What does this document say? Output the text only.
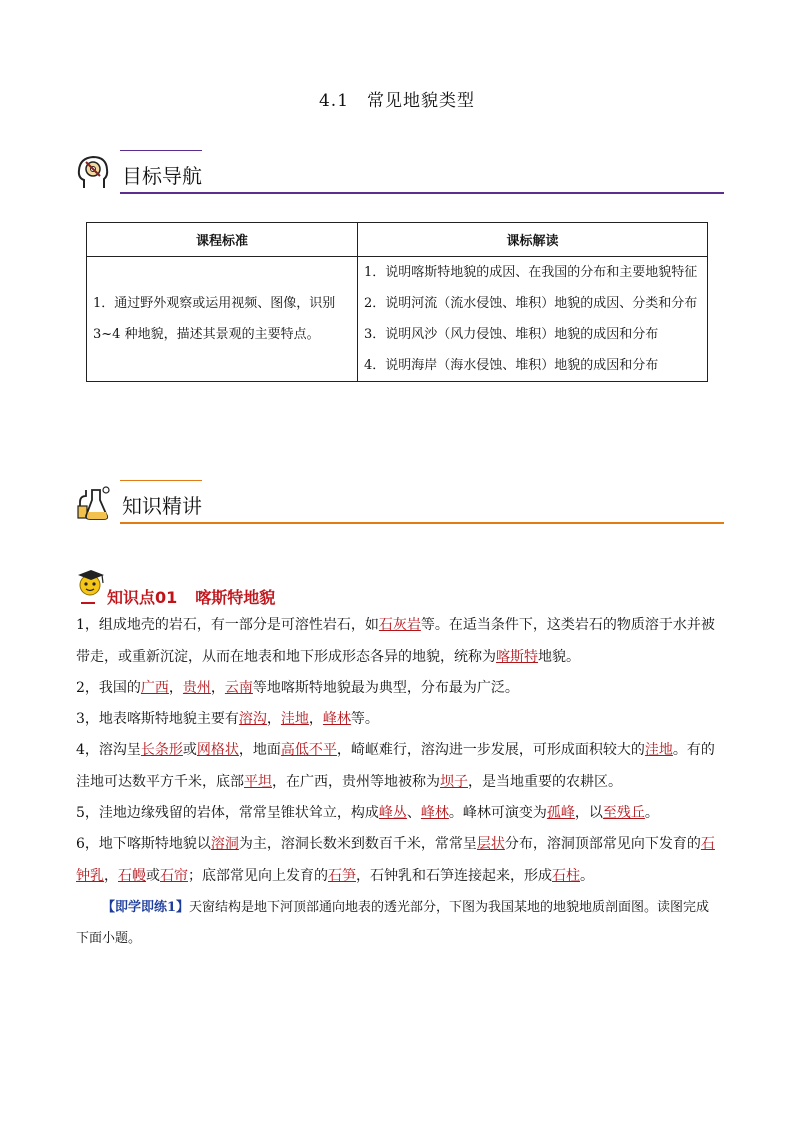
4.1 常见地貌类型
目标导航
课程标准	课标解读
1．通过野外观察或运用视频、图像，识别3~4 种地貌，描述其景观的主要特点。	1．说明喀斯特地貌的成因、在我国的分布和主要地貌特征
2．说明河流（流水侵蚀、堆积）地貌的成因、分类和分布
3．说明风沙（风力侵蚀、堆积）地貌的成因和分布
4．说明海岸（海水侵蚀、堆积）地貌的成因和分布
知识精讲
知识点01 喀斯特地貌
1，组成地壳的岩石，有一部分是可溶性岩石，如石灰岩等。在适当条件下，这类岩石的物质溶于水并被带走，或重新沉淀，从而在地表和地下形成形态各异的地貌，统称为喀斯特地貌。
2，我国的广西，贵州，云南等地喀斯特地貌最为典型，分布最为广泛。
3，地表喀斯特地貌主要有溶沟，洼地，峰林等。
4，溶沟呈长条形或网格状，地面高低不平，崎岖难行，溶沟进一步发展，可形成面积较大的洼地。有的洼地可达数平方千米，底部平坦，在广西，贵州等地被称为坝子，是当地重要的农耕区。
5，洼地边缘残留的岩体，常常呈锥状耸立，构成峰丛、峰林。峰林可演变为孤峰，以至残丘。
6，地下喀斯特地貌以溶洞为主，溶洞长数米到数百千米，常常呈层状分布，溶洞顶部常见向下发育的石钟乳，石幔或石帘；底部常见向上发育的石笋，石钟乳和石笋连接起来，形成石柱。
【即学即练1】天窗结构是地下河顶部通向地表的透光部分，下图为我国某地的地貌地质剖面图。读图完成下面小题。
